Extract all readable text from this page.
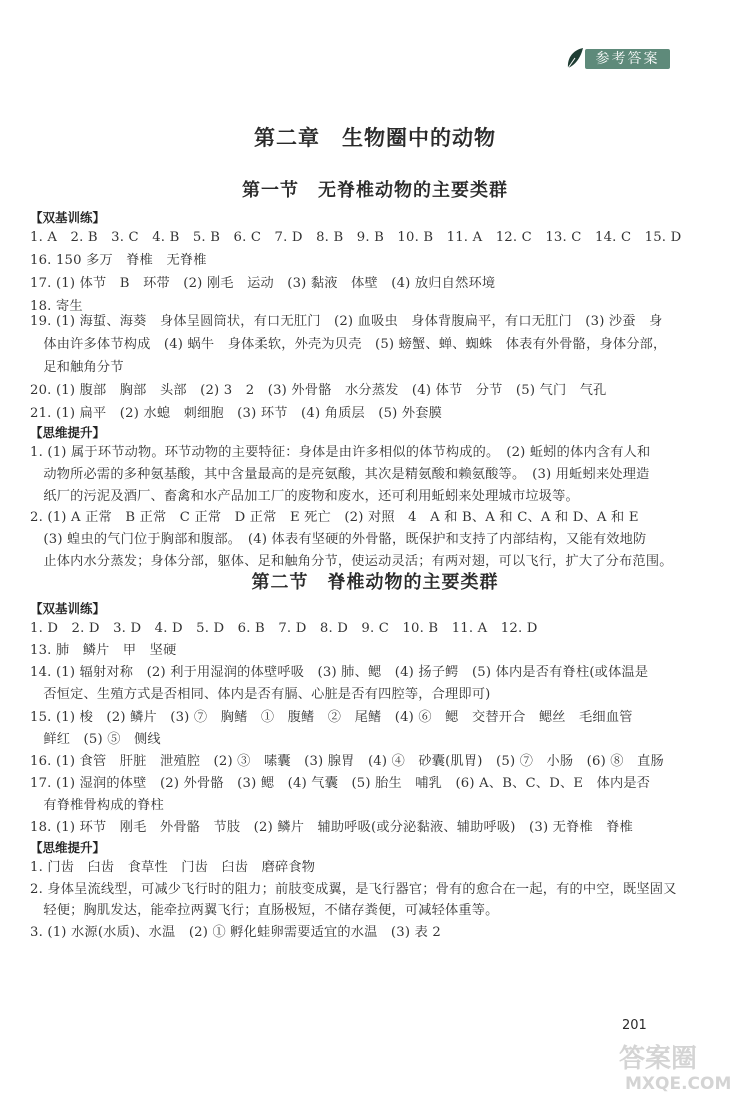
参考答案
第二章　生物圈中的动物
第一节　无脊椎动物的主要类群
【双基训练】
1. A　2. B　3. C　4. B　5. B　6. C　7. D　8. B　9. B　10. B　11. A　12. C　13. C　14. C　15. D
16. 150 多万　脊椎　无脊椎
17. (1) 体节　B　环带　(2) 刚毛　运动　(3) 黏液　体壁　(4) 放归自然环境
18. 寄生
19. (1) 海蜇、海葵　身体呈圆筒状，有口无肛门　(2) 血吸虫　身体背腹扁平，有口无肛门　(3) 沙蚕　身
　体由许多体节构成　(4) 蜗牛　身体柔软，外壳为贝壳　(5) 螃蟹、蝉、蜘蛛　体表有外骨骼，身体分部，
　足和触角分节
20. (1) 腹部　胸部　头部　(2) 3　2　(3) 外骨骼　水分蒸发　(4) 体节　分节　(5) 气门　气孔
21. (1) 扁平　(2) 水螅　刺细胞　(3) 环节　(4) 角质层　(5) 外套膜
【思维提升】
1. (1) 属于环节动物。环节动物的主要特征：身体是由许多相似的体节构成的。　(2) 蚯蚓的体内含有人和
　动物所必需的多种氨基酸，其中含量最高的是亮氨酸，其次是精氨酸和赖氨酸等。　(3) 用蚯蚓来处理造
　纸厂的污泥及酒厂、畜禽和水产品加工厂的废物和废水，还可利用蚯蚓来处理城市垃圾等。
2. (1) A 正常　B 正常　C 正常　D 正常　E 死亡　(2) 对照　4　A 和 B、A 和 C、A 和 D、A 和 E
　(3) 蝗虫的气门位于胸部和腹部。　(4) 体表有坚硬的外骨骼，既保护和支持了内部结构，又能有效地防
　止体内水分蒸发；身体分部，躯体、足和触角分节，使运动灵活；有两对翅，可以飞行，扩大了分布范围。
第二节　脊椎动物的主要类群
【双基训练】
1. D　2. D　3. D　4. D　5. D　6. B　7. D　8. D　9. C　10. B　11. A　12. D
13. 肺　鳞片　甲　坚硬
14. (1) 辐射对称　(2) 利于用湿润的体壁呼吸　(3) 肺、鳃　(4) 扬子鳄　(5) 体内是否有脊柱(或体温是
　否恒定、生殖方式是否相同、体内是否有膈、心脏是否有四腔等，合理即可)
15. (1) 梭　(2) 鳞片　(3) ⑦　胸鳍　①　腹鳍　②　尾鳍　(4) ⑥　鳃　交替开合　鳃丝　毛细血管
　鲜红　(5) ⑤　侧线
16. (1) 食管　肝脏　泄殖腔　(2) ③　嗉囊　(3) 腺胃　(4) ④　砂囊(肌胃)　(5) ⑦　小肠　(6) ⑧　直肠
17. (1) 湿润的体壁　(2) 外骨骼　(3) 鳃　(4) 气囊　(5) 胎生　哺乳　(6) A、B、C、D、E　体内是否
　有脊椎骨构成的脊柱
18. (1) 环节　刚毛　外骨骼　节肢　(2) 鳞片　辅助呼吸(或分泌黏液、辅助呼吸)　(3) 无脊椎　脊椎
【思维提升】
1. 门齿　臼齿　食草性　门齿　臼齿　磨碎食物
2. 身体呈流线型，可减少飞行时的阻力；前肢变成翼，是飞行器官；骨有的愈合在一起，有的中空，既坚固又
　轻便；胸肌发达，能牵拉两翼飞行；直肠极短，不储存粪便，可减轻体重等。
3. (1) 水源(水质)、水温　(2) ① 孵化蛙卵需要适宜的水温　(3) 表 2
201
答案圈
MXQE.COM
